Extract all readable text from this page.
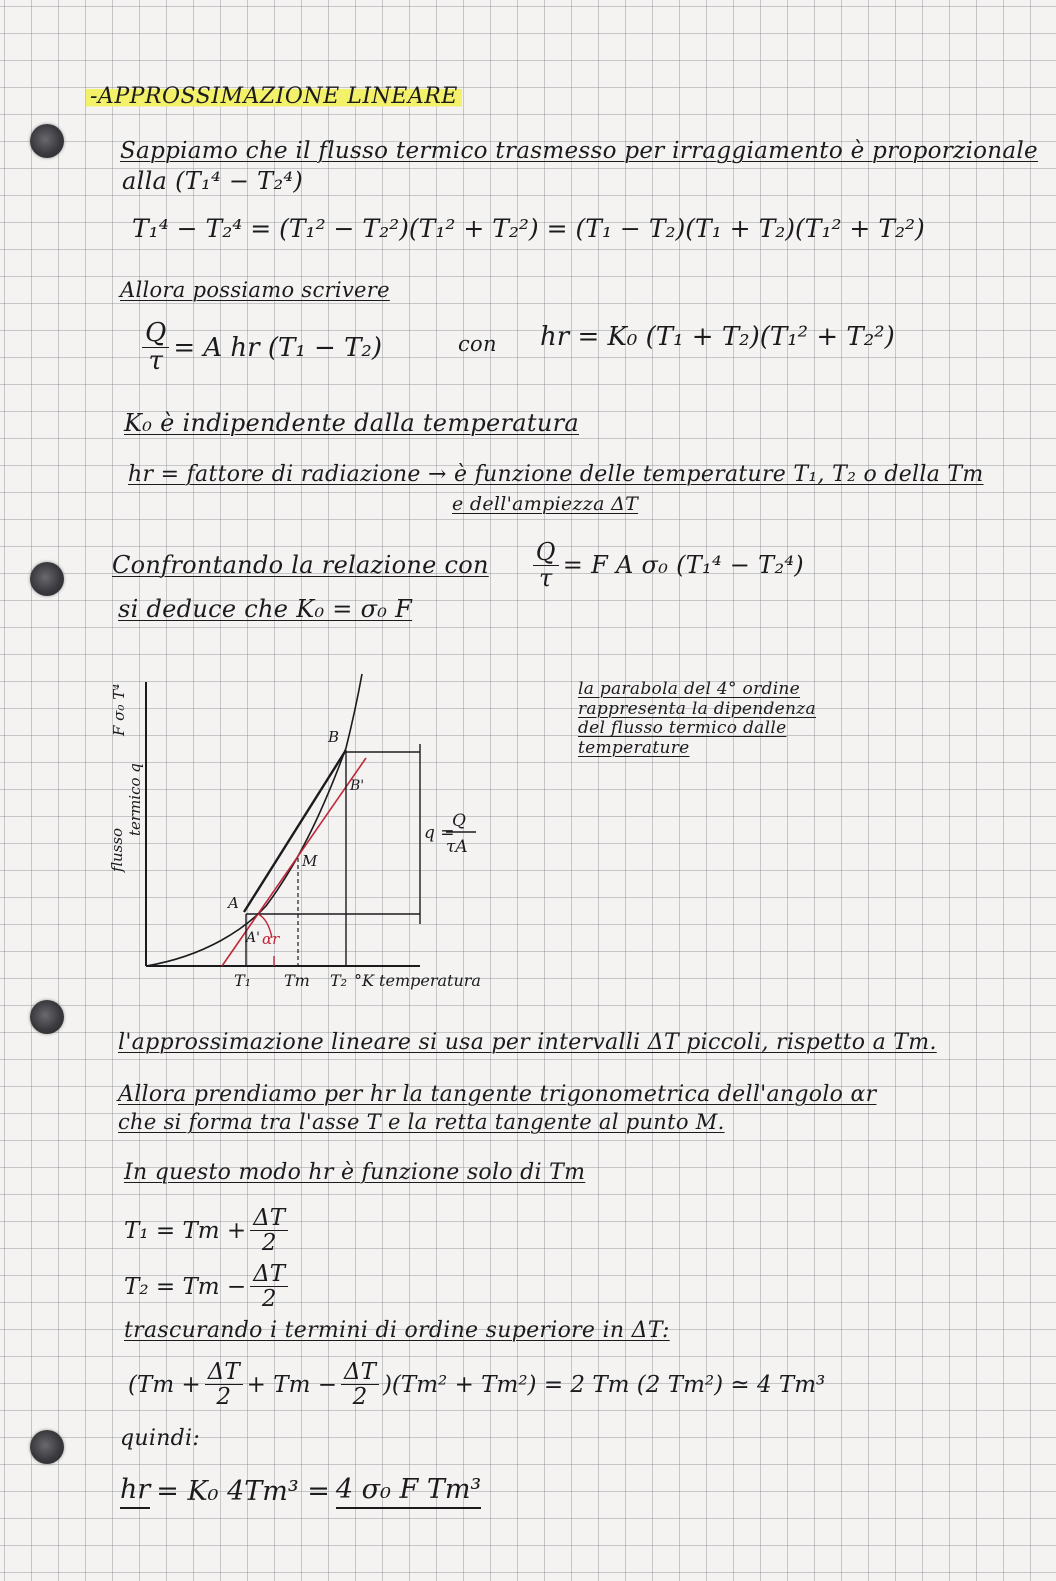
-APPROSSIMAZIONE LINEARE
Sappiamo che il flusso termico trasmesso per irraggiamento è proporzionale
alla (T₁⁴ − T₂⁴)
T₁⁴ − T₂⁴ = (T₁² − T₂²)(T₁² + T₂²) = (T₁ − T₂)(T₁ + T₂)(T₁² + T₂²)
Allora possiamo scrivere
$\frac{Q}{\tau} = A$ hr (T₁ − T₂)	con hr = K₀ (T₁ + T₂)(T₁² + T₂²)
K₀ è indipendente dalla temperatura
hr = fattore di radiazione → è funzione delle temperature T₁, T₂ o della Tm
e dell'ampiezza ΔT
Confrontando la relazione con $\frac{Q}{\tau} = F$ A σ₀ (T₁⁴ − T₂⁴)
si deduce che K₀ = σ₀ F
A
A'
B
B'
M
αr
T₁ Tm T₂ °K temperatura
flusso
termico q
F σ₀ T⁴
q =
Q
τA
la parabola del 4° ordine
rappresenta la dipendenza
del flusso termico dalle
temperature
l'approssimazione lineare si usa per intervalli ΔT piccoli, rispetto a Tm.
Allora prendiamo per hr la tangente trigonometrica dell'angolo αr
che si forma tra l'asse T e la retta tangente al punto M.
In questo modo hr è funzione solo di Tm
$T_1 = Tm + \frac{\Delta T}{2}$
$T_2 = Tm - \frac{\Delta T}{2}$
trascurando i termini di ordine superiore in ΔT:
$(Tm + \frac{\Delta T}{2} + Tm - \frac{\Delta T}{2} )(Tm^2 + Tm^2) = 2$ Tm (2 Tm²) ≃ 4 Tm³
quindi:
hr = K₀ 4Tm³ = 4 σ₀ F Tm³
